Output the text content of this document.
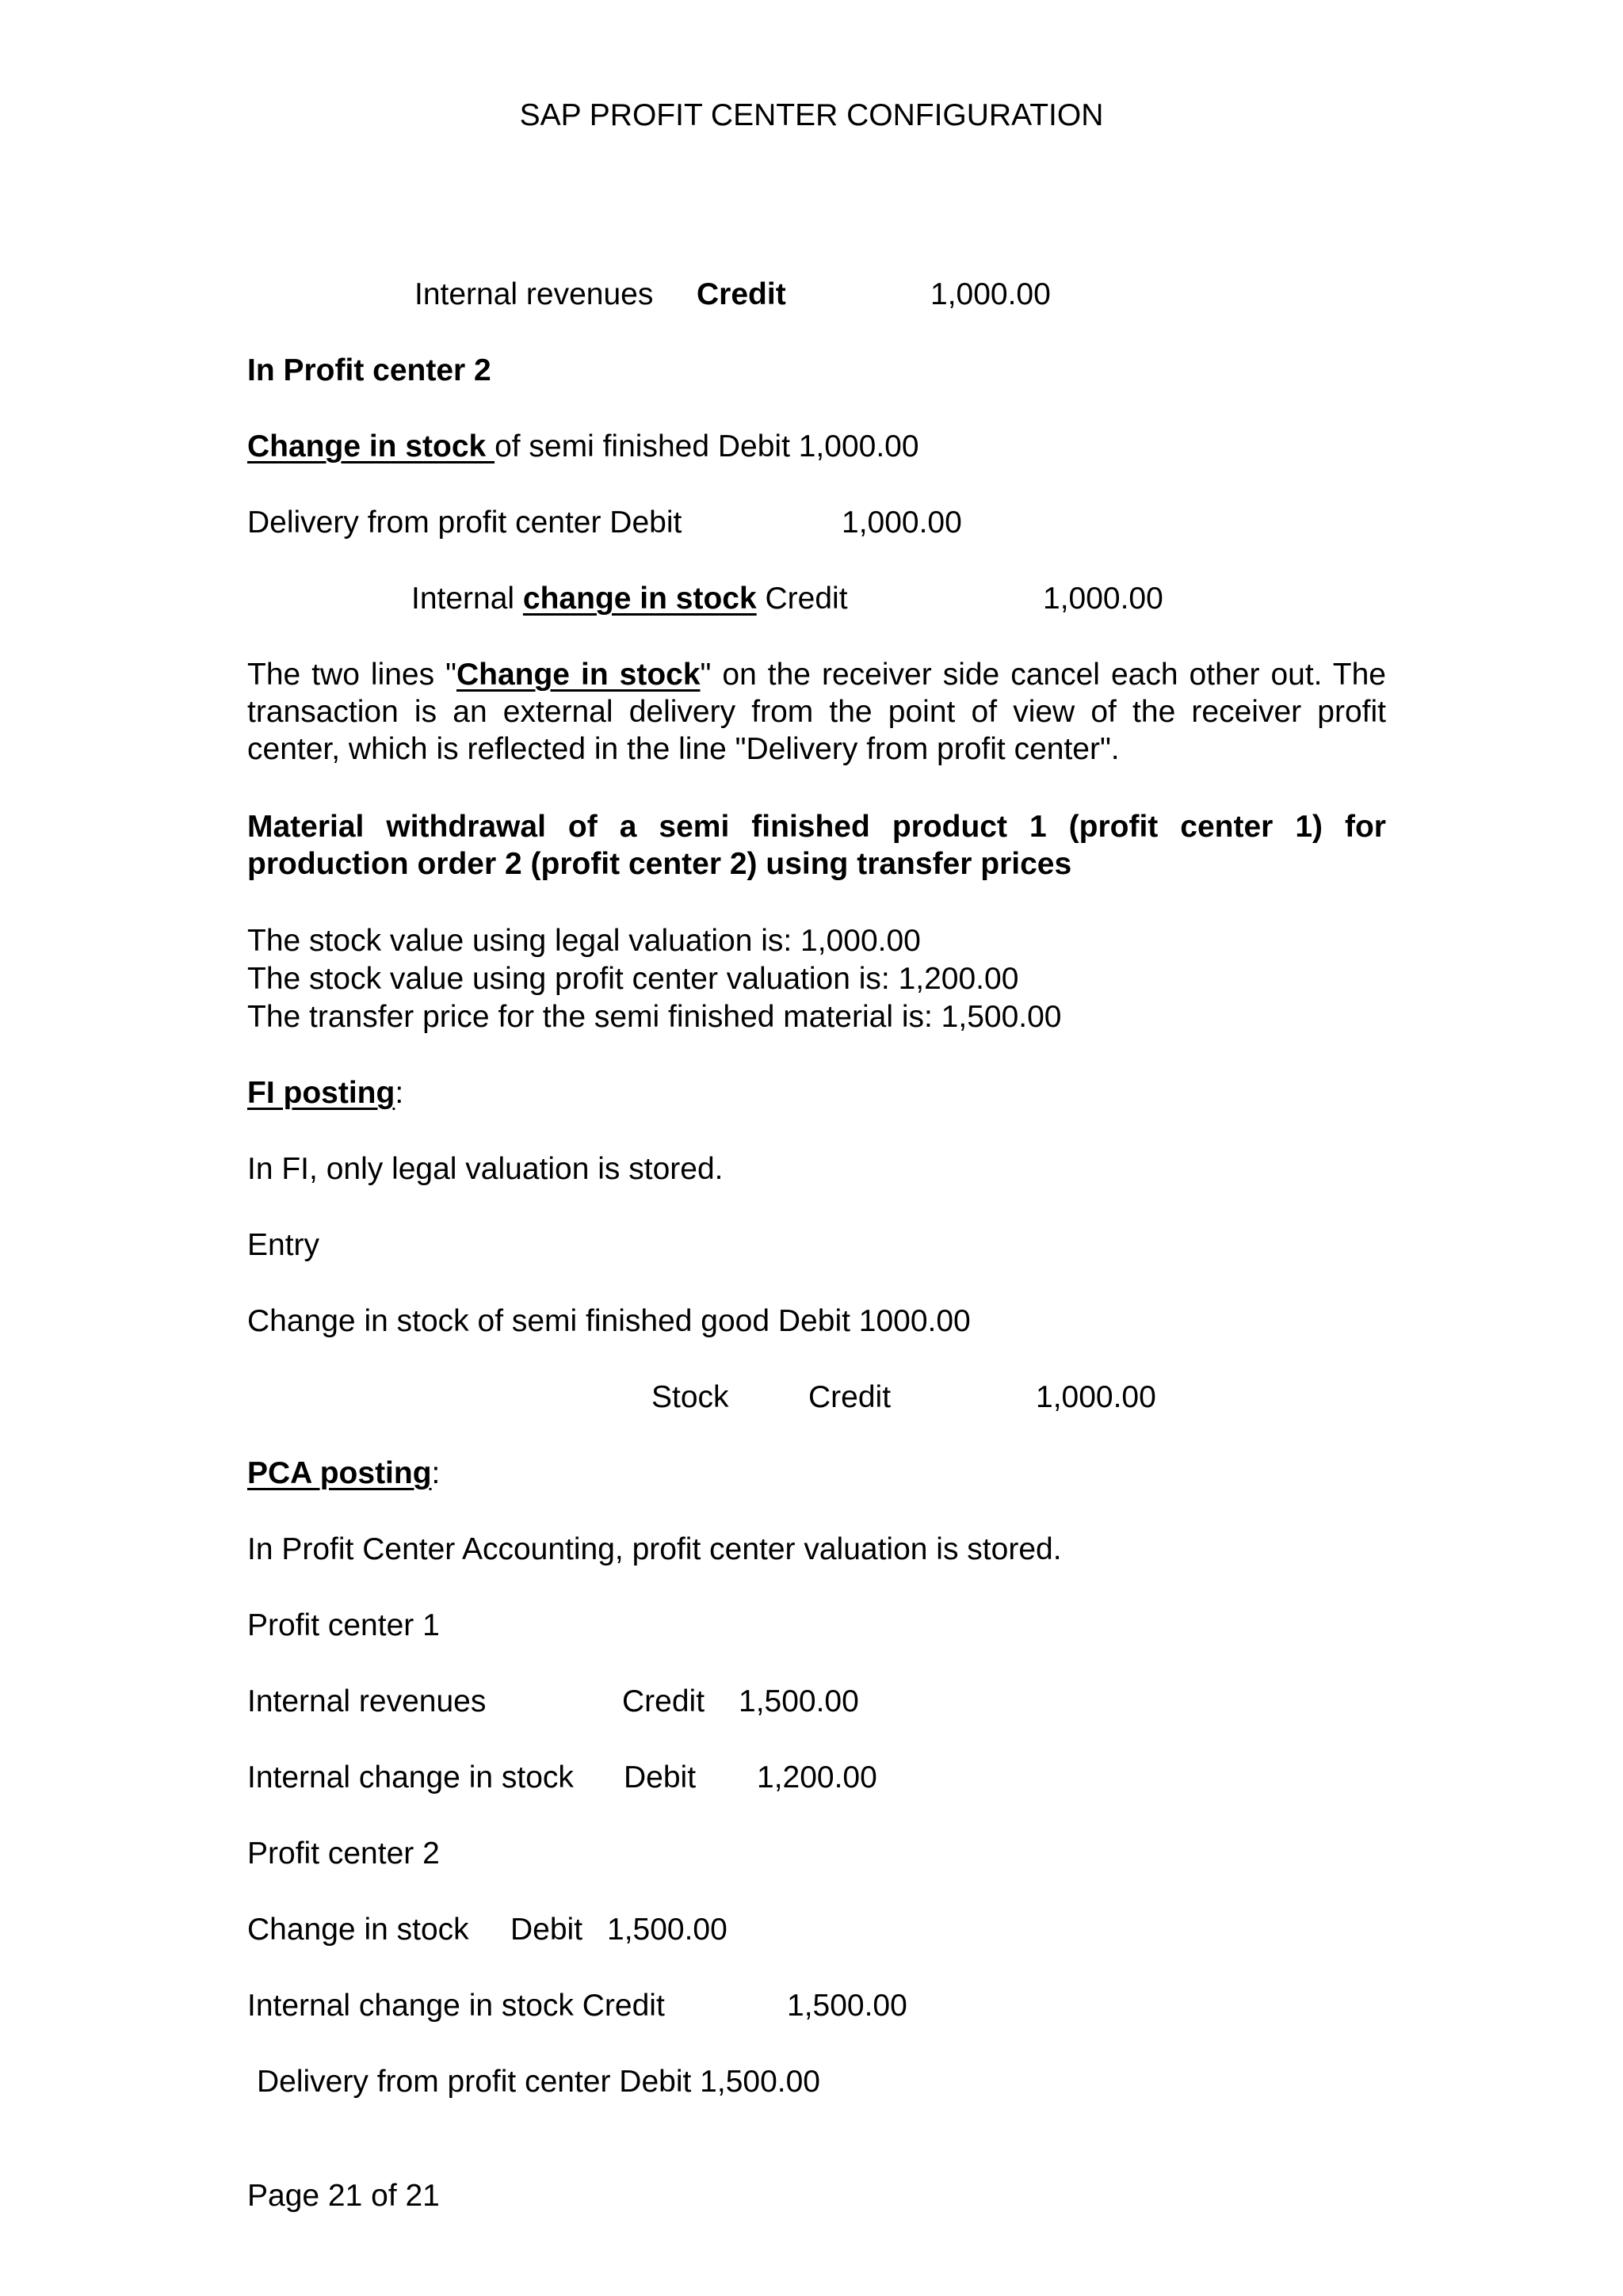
SAP PROFIT CENTER CONFIGURATION
Internal revenues Credit	1,000.00
In Profit center 2
Change in stock of semi finished Debit 1,000.00
Delivery from profit center Debit	1,000.00
Internal change in stock Credit	1,000.00
The two lines "Change in stock" on the receiver side cancel each other out. The transaction is an external delivery from the point of view of the receiver profit center, which is reflected in the line "Delivery from profit center".
Material withdrawal of a semi finished product 1 (profit center 1) for production order 2 (profit center 2) using transfer prices
The stock value using legal valuation is: 1,000.00
The stock value using profit center valuation is: 1,200.00
The transfer price for the semi finished material is: 1,500.00
FI posting:
In FI, only legal valuation is stored.
Entry
Change in stock of semi finished good Debit 1000.00
Stock	Credit	1,000.00
PCA posting:
In Profit Center Accounting, profit center valuation is stored.
Profit center 1
Internal revenues	Credit 1,500.00
Internal change in stock Debit 1,200.00
Profit center 2
Change in stock Debit 1,500.00
Internal change in stock Credit	1,500.00
Delivery from profit center Debit 1,500.00
Page 21 of 21
